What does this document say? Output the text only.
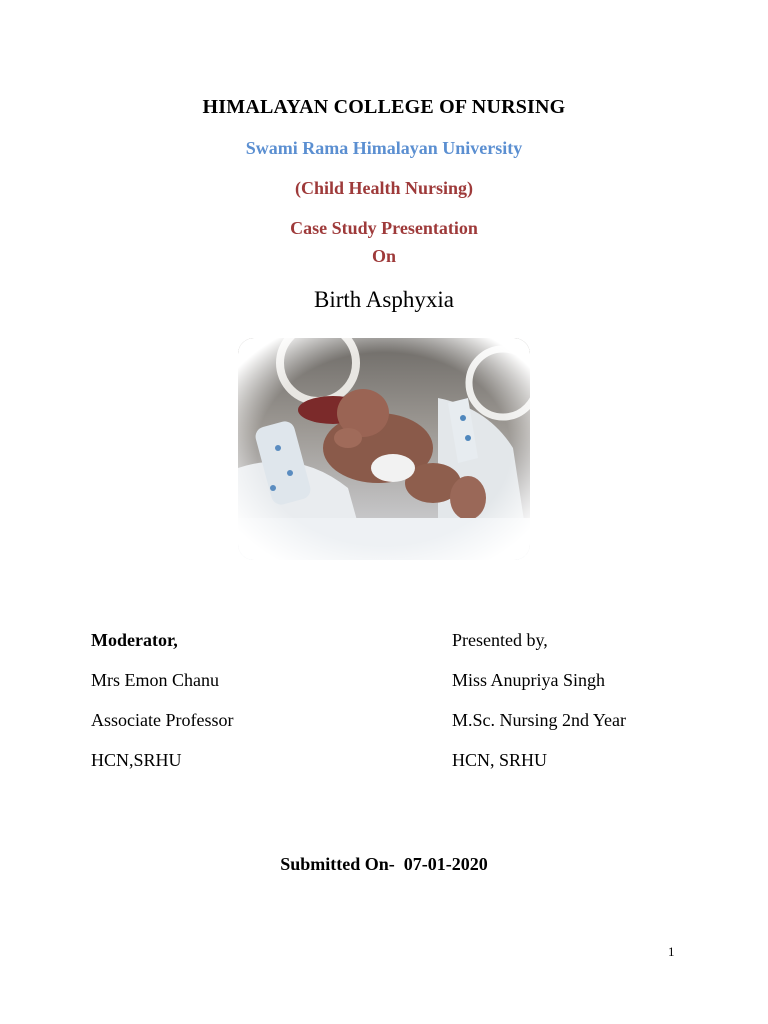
HIMALAYAN COLLEGE OF NURSING
Swami Rama Himalayan University
(Child Health Nursing)
Case Study Presentation
On
Birth Asphyxia
Moderator,
Mrs Emon Chanu
Associate Professor
HCN,SRHU
Presented by,
Miss Anupriya Singh
M.Sc. Nursing 2nd Year
HCN, SRHU
Submitted On-  07-01-2020
1
